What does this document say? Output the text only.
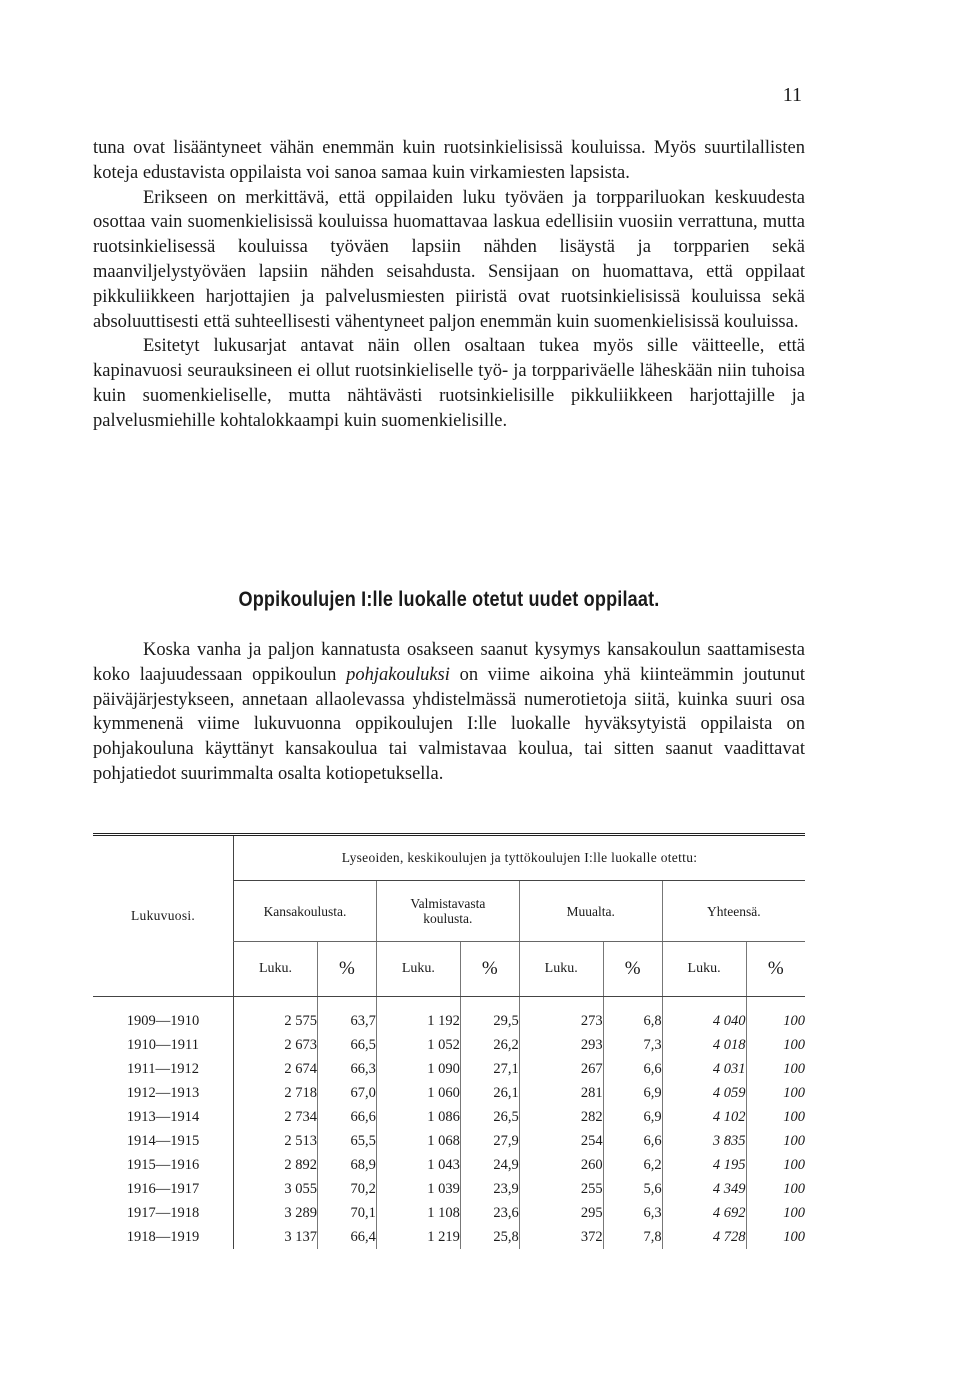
11

tuna ovat lisääntyneet vähän enemmän kuin ruotsinkielisissä kouluissa. Myös suurtilallisten koteja edustavista oppilaista voi sanoa samaa kuin virkamiesten lapsista.

Erikseen on merkittävä, että oppilaiden luku työväen ja torppariluokan keskuudesta osottaa vain suomenkielisissä kouluissa huomattavaa laskua edellisiin vuosiin verrattuna, mutta ruotsinkielisessä kouluissa työväen lapsiin nähden lisäystä ja torpparien sekä maanviljelystyöväen lapsiin nähden seisahdusta. Sensijaan on huomattava, että oppilaat pikkuliikkeen harjottajien ja palvelusmiesten piiristä ovat ruotsinkielisissä kouluissa sekä absoluuttisesti että suhteellisesti vähentyneet paljon enemmän kuin suomenkielisissä kouluissa.

Esitetyt lukusarjat antavat näin ollen osaltaan tukea myös sille väitteelle, että kapinavuosi seurauksineen ei ollut ruotsinkieliselle työ- ja torppariväelle läheskään niin tuhoisa kuin suomenkieliselle, mutta nähtävästi ruotsinkielisille pikkuliikkeen harjottajille ja palvelusmiehille kohtalokkaampi kuin suomenkielisille.

Oppikoulujen I:lle luokalle otetut uudet oppilaat.

Koska vanha ja paljon kannatusta osakseen saanut kysymys kansakoulun saattamisesta koko laajuudessaan oppikoulun pohjakouluksi on viime aikoina yhä kiinteämmin joutunut päiväjärjestykseen, annetaan allaolevassa yhdistelmässä numerotietoja siitä, kuinka suuri osa kymmenenä viime lukuvuonna oppikoulujen I:lle luokalle hyväksytyistä oppilaista on pohjakouluna käyttänyt kansakoulua tai valmistavaa koulua, tai sitten saanut vaadittavat pohjatiedot suurimmalta osalta kotiopetuksella.

Lukuvuosi.	Lyseoiden, keskikoulujen ja tyttökoulujen I:lle luokalle otettu:							
	Kansakoulusta.		Valmistavasta koulusta.		Muualta.		Yhteensä.	
	Luku.	%	Luku.	%	Luku.	%	Luku.	%

1909—1910	2 575	63,7	1 192	29,5	273	6,8	4 040	100
1910—1911	2 673	66,5	1 052	26,2	293	7,3	4 018	100
1911—1912	2 674	66,3	1 090	27,1	267	6,6	4 031	100
1912—1913	2 718	67,0	1 060	26,1	281	6,9	4 059	100
1913—1914	2 734	66,6	1 086	26,5	282	6,9	4 102	100
1914—1915	2 513	65,5	1 068	27,9	254	6,6	3 835	100
1915—1916	2 892	68,9	1 043	24,9	260	6,2	4 195	100
1916—1917	3 055	70,2	1 039	23,9	255	5,6	4 349	100
1917—1918	3 289	70,1	1 108	23,6	295	6,3	4 692	100
1918—1919	3 137	66,4	1 219	25,8	372	7,8	4 728	100
